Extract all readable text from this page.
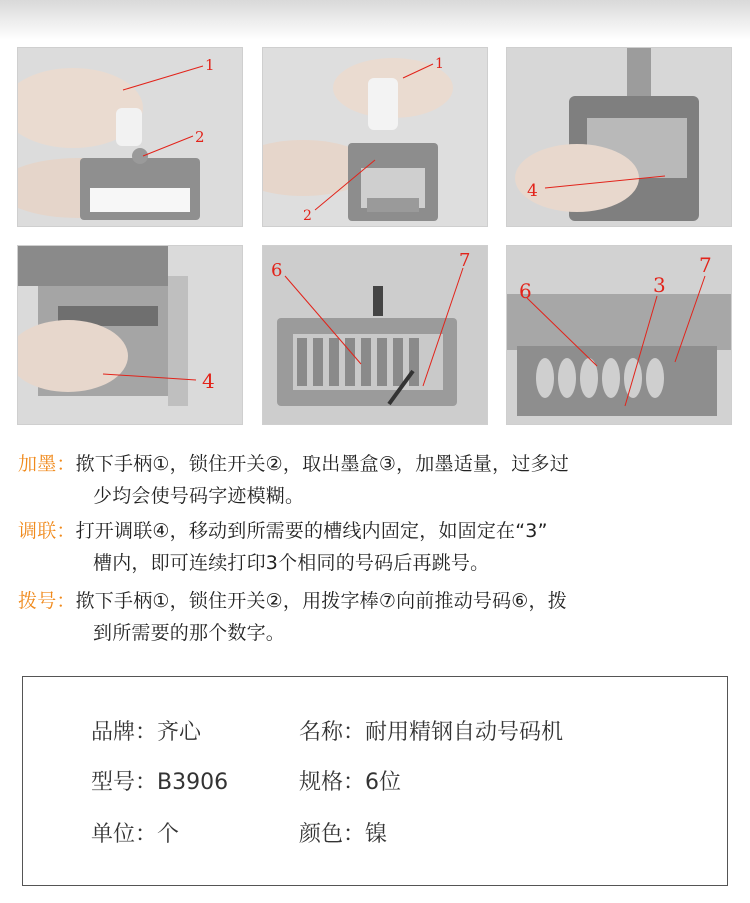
1
2
1
2
4
4
6	7
6	3
7
加墨：揿下手柄①，锁住开关②，取出墨盒③，加墨适量，过多过
少均会使号码字迹模糊。
调联：打开调联④，移动到所需要的槽线内固定，如固定在“3”
槽内，即可连续打印3个相同的号码后再跳号。
拨号：揿下手柄①，锁住开关②，用拨字棒⑦向前推动号码⑥，拨
到所需要的那个数字。
品牌：齐心	名称：耐用精钢自动号码机
型号：B3906	规格：6位
单位：个	颜色：镍
